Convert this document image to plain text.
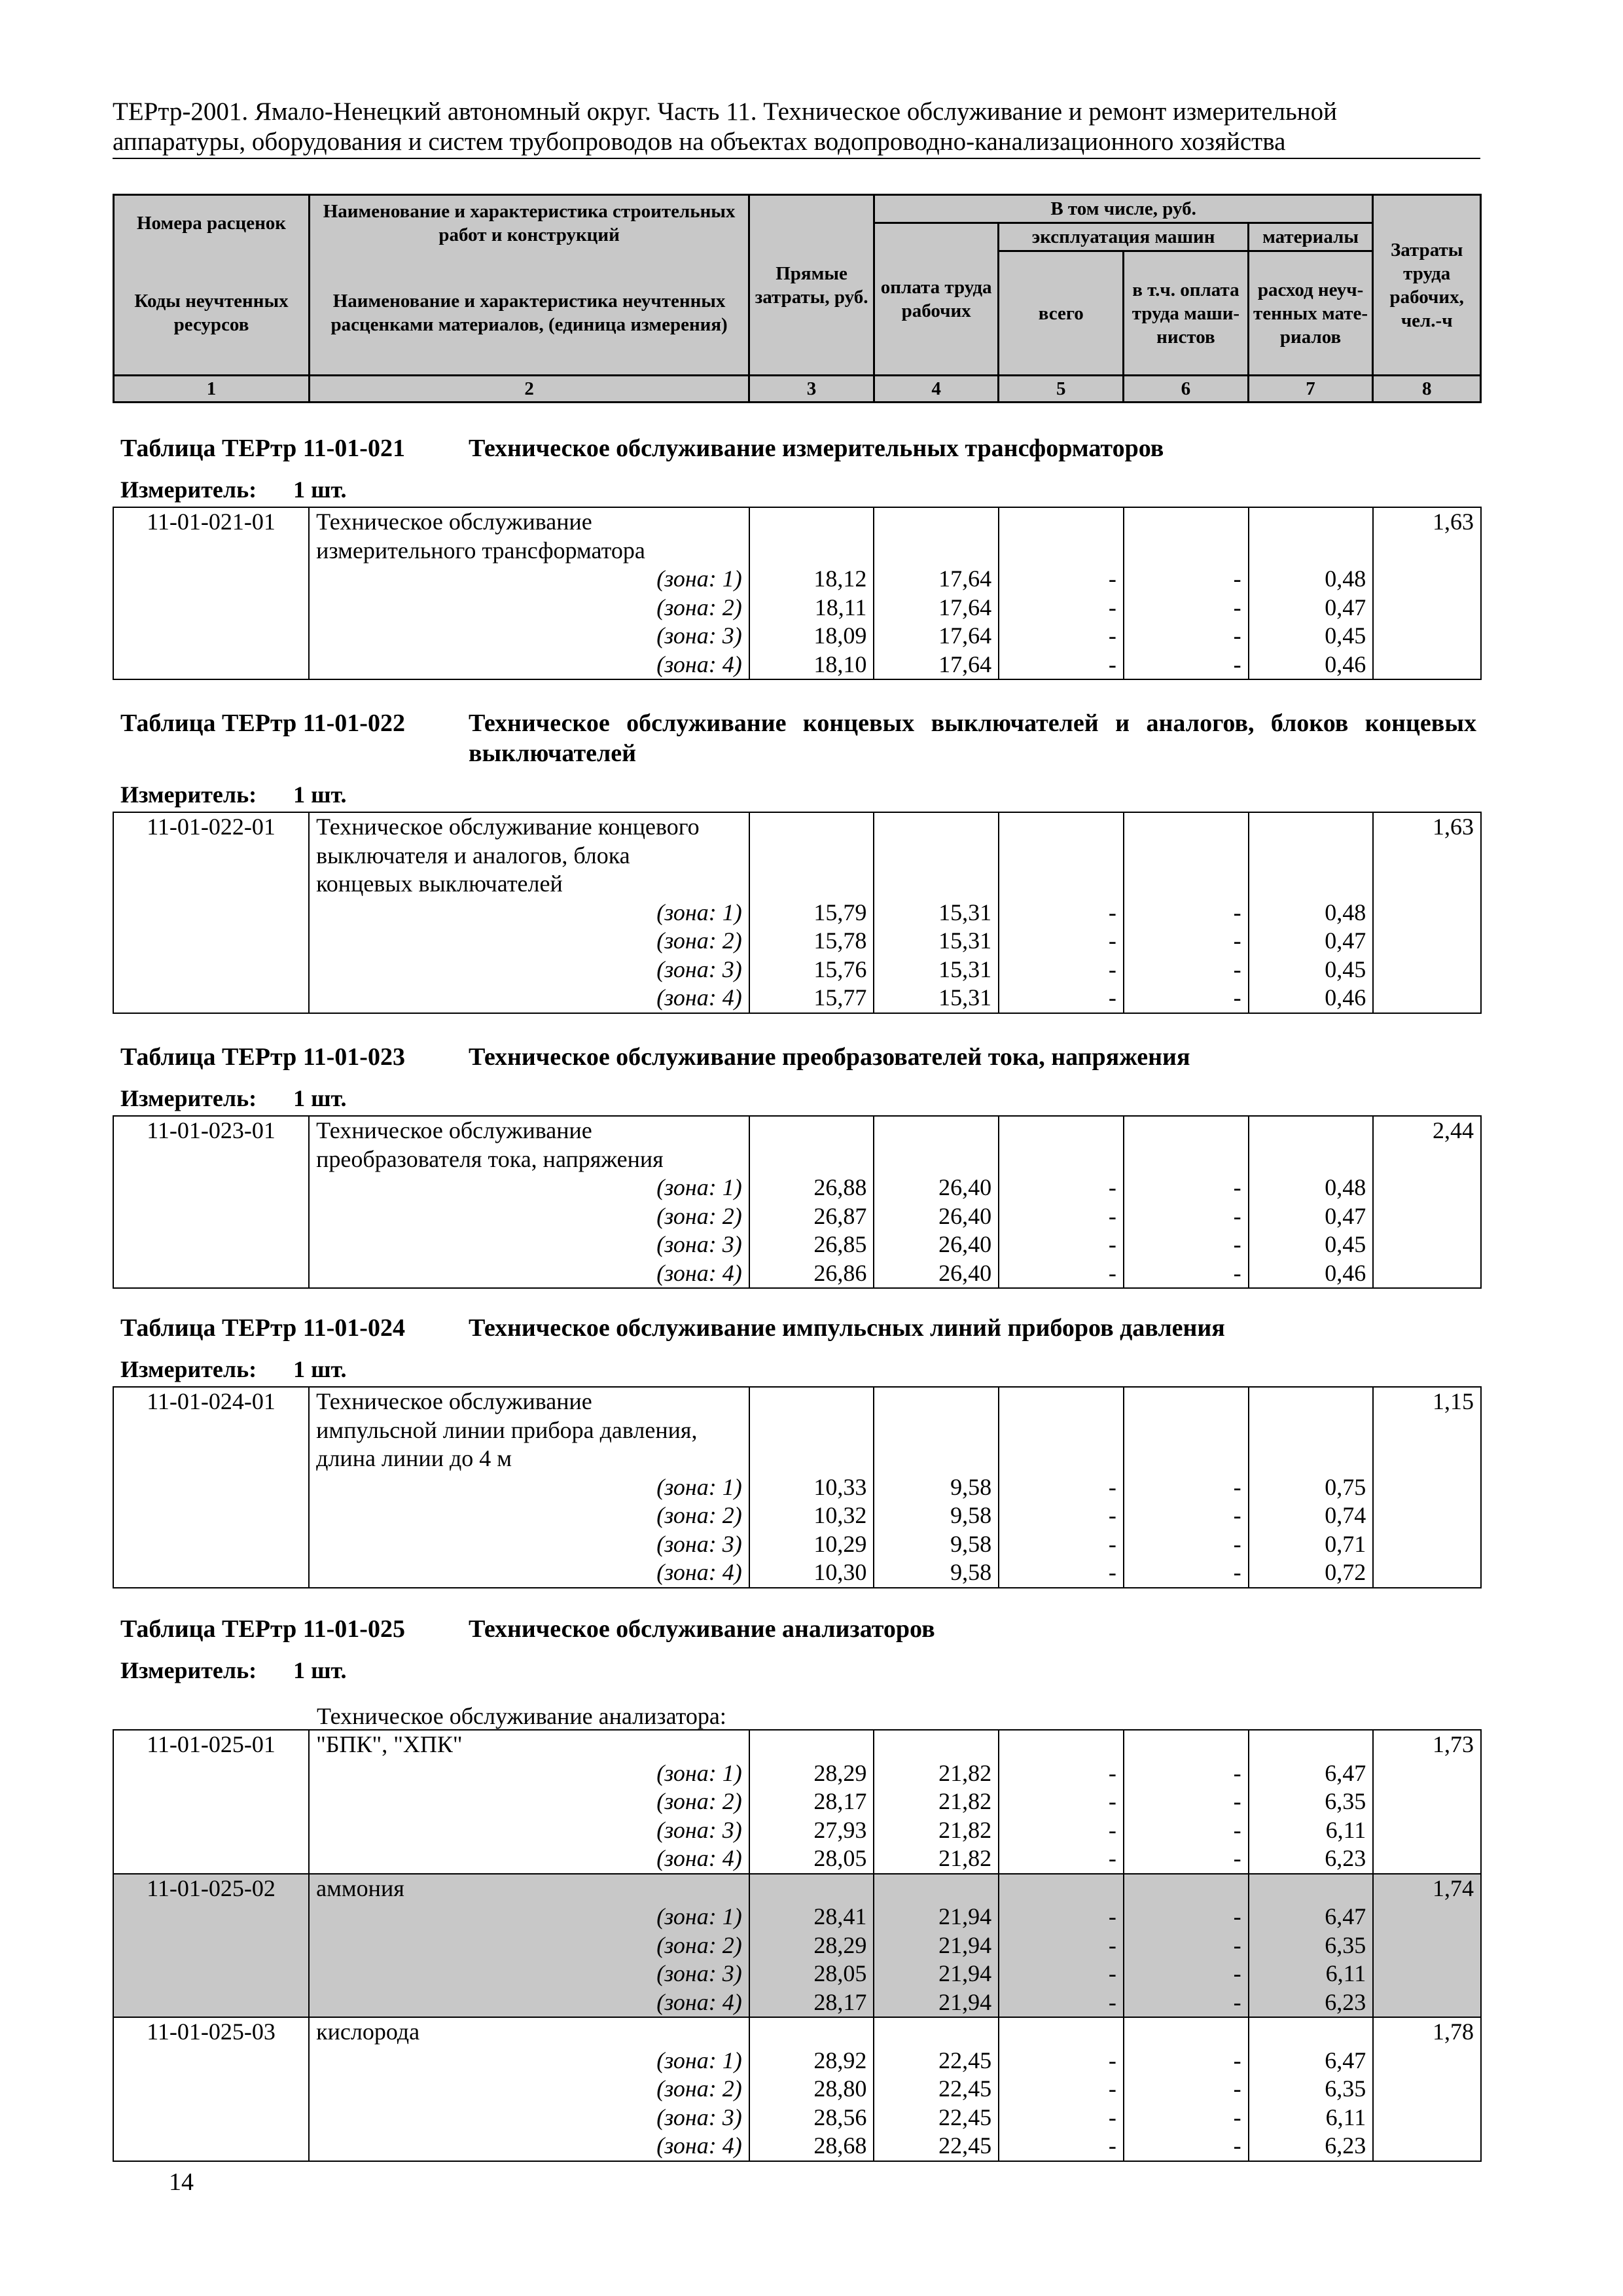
ТЕРтр-2001. Ямало-Ненецкий автономный округ. Часть 11. Техническое обслуживание и ремонт измерительной
аппаратуры, оборудования и систем трубопроводов на объектах водопроводно-канализационного хозяйства
Номера расценок	Наименование и характеристика строительных работ и конструкций	Прямые затраты, руб.	В том числе, руб.				Затраты труда рабочих, чел.-ч
			оплата труда рабочих	эксплуатация машин		материалы	
Коды неучтенных ресурсов	Наименование и характеристика неучтенных расценками материалов, (единица измерения)			всего	в т.ч. оплата труда маши-нистов	расход неуч-тенных мате-риалов	

1	2	3	4	5	6	7	8
Таблица ТЕРтр 11-01-021	Техническое обслуживание измерительных трансформаторов
Измеритель: 1 шт.
11-01-021-01	Техническое обслуживание						1,63
	измерительного трансформатора						
	(зона: 1)	18,12	17,64	-	-	0,48	
	(зона: 2)	18,11	17,64	-	-	0,47	
	(зона: 3)	18,09	17,64	-	-	0,45	
	(зона: 4)	18,10	17,64	-	-	0,46	
Таблица ТЕРтр 11-01-022	Техническое обслуживание концевых выключателей и аналогов, блоков концевых выключателей
Измеритель: 1 шт.
11-01-022-01	Техническое обслуживание концевого						1,63
	выключателя и аналогов, блока						
	концевых выключателей						
	(зона: 1)	15,79	15,31	-	-	0,48	
	(зона: 2)	15,78	15,31	-	-	0,47	
	(зона: 3)	15,76	15,31	-	-	0,45	
	(зона: 4)	15,77	15,31	-	-	0,46	
Таблица ТЕРтр 11-01-023	Техническое обслуживание преобразователей тока, напряжения
Измеритель: 1 шт.
11-01-023-01	Техническое обслуживание						2,44
	преобразователя тока, напряжения						
	(зона: 1)	26,88	26,40	-	-	0,48	
	(зона: 2)	26,87	26,40	-	-	0,47	
	(зона: 3)	26,85	26,40	-	-	0,45	
	(зона: 4)	26,86	26,40	-	-	0,46	
Таблица ТЕРтр 11-01-024	Техническое обслуживание импульсных линий приборов давления
Измеритель: 1 шт.
11-01-024-01	Техническое обслуживание						1,15
	импульсной линии прибора давления,						
	длина линии до 4 м						
	(зона: 1)	10,33	9,58	-	-	0,75	
	(зона: 2)	10,32	9,58	-	-	0,74	
	(зона: 3)	10,29	9,58	-	-	0,71	
	(зона: 4)	10,30	9,58	-	-	0,72	
Таблица ТЕРтр 11-01-025	Техническое обслуживание анализаторов
Измеритель: 1 шт.
Техническое обслуживание анализатора:
11-01-025-01	"БПК", "ХПК"						1,73
	(зона: 1)	28,29	21,82	-	-	6,47	
	(зона: 2)	28,17	21,82	-	-	6,35	
	(зона: 3)	27,93	21,82	-	-	6,11	
	(зона: 4)	28,05	21,82	-	-	6,23	
11-01-025-02	аммония						1,74
	(зона: 1)	28,41	21,94	-	-	6,47	
	(зона: 2)	28,29	21,94	-	-	6,35	
	(зона: 3)	28,05	21,94	-	-	6,11	
	(зона: 4)	28,17	21,94	-	-	6,23	
11-01-025-03	кислорода						1,78
	(зона: 1)	28,92	22,45	-	-	6,47	
	(зона: 2)	28,80	22,45	-	-	6,35	
	(зона: 3)	28,56	22,45	-	-	6,11	
	(зона: 4)	28,68	22,45	-	-	6,23	
14
